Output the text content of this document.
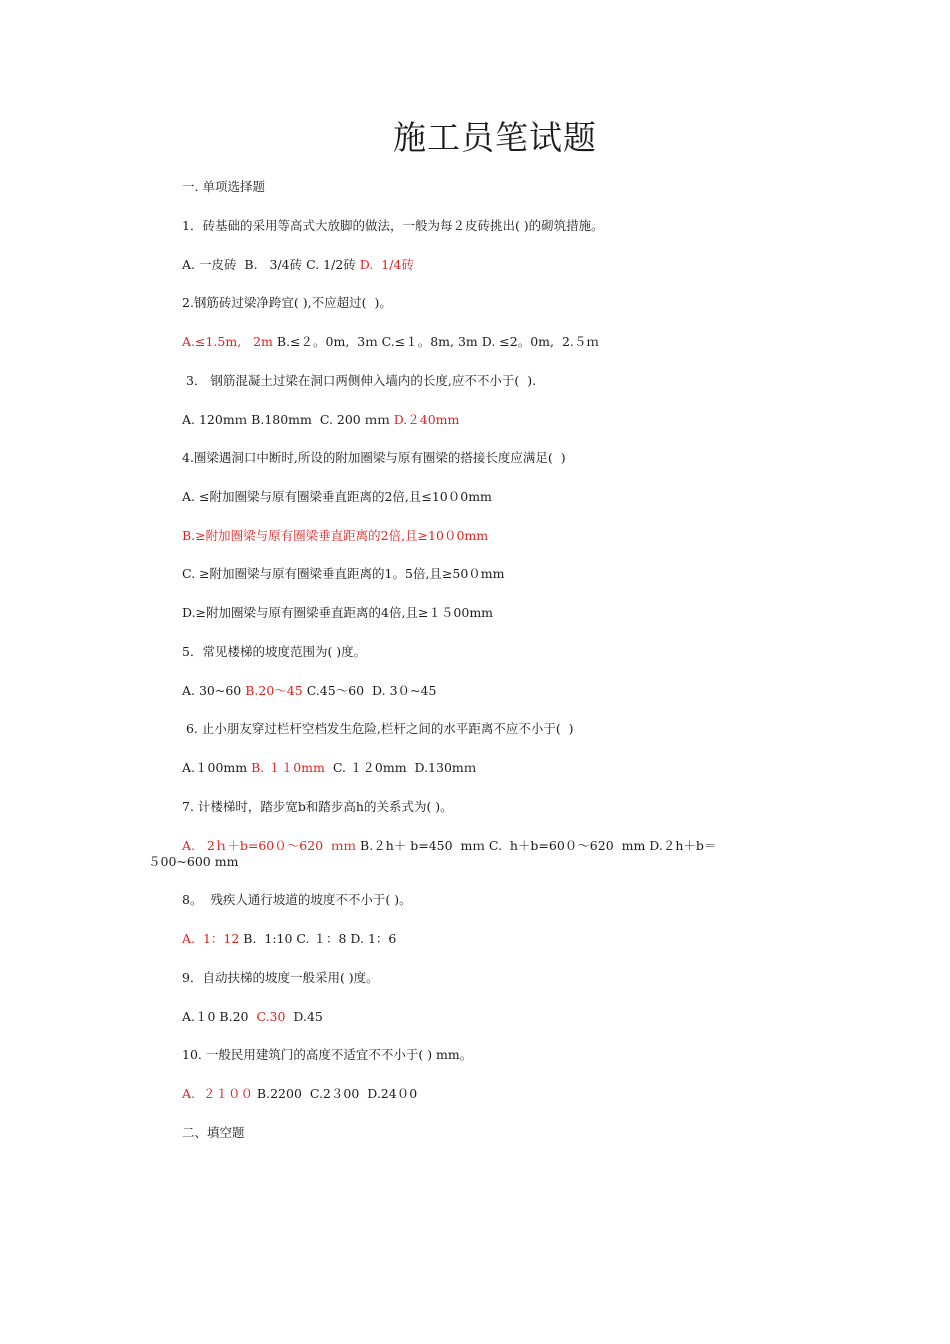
施工员笔试题
一. 单项选择题
1．砖基础的采用等高式大放脚的做法，一般为每２皮砖挑出( )的砌筑措施。
A. 一皮砖  B.   3/4砖 C. 1/2砖 D.  1/4砖
2.钢筋砖过梁净跨宜( ),不应超过(  )。
A.≤1.5m,   2m B.≤２。0m,  3ｍ C.≤１。8m, 3m D. ≤2。0m,  2.５ｍ
3． 钢筋混凝土过梁在洞口两侧伸入墙内的长度,应不不小于(  ).
A. 120mｍ B.180mm  C. 200 ｍｍ D.２40mm
4.圈梁遇洞口中断时,所设的附加圈梁与原有圈梁的搭接长度应满足(  )
A. ≤附加圈梁与原有圈梁垂直距离的2倍,且≤10０0mm
B.≥附加圈梁与原有圈梁垂直距离的2倍,且≥10０0mm
C. ≥附加圈梁与原有圈梁垂直距离的1。5倍,且≥50０mm
D.≥附加圈梁与原有圈梁垂直距离的4倍,且≥１５00mm
5．常见楼梯的坡度范围为( )度。
A. 30~60 B.20～45 C.45～60  D. 3０~45
6. 止小朋友穿过栏杆空档发生危险,栏杆之间的水平距离不应不小于(  )
A.１00mm B. １１0mm  C. １２0mm  D.130mｍ
7. 计楼梯时，踏步宽b和踏步高h的关系式为( )。
A.   2ｈ＋b=60０～620  ｍｍ B.２h＋ b=450  mｍ C.  h＋b=60０～620  mm D.２h＋b＝
５00~600 mm
8。  残疾人通行坡道的坡度不不小于( )。
A.  1：12 B.  1:10 C. １：8 D. 1：6
9．自动扶梯的坡度一般采用( )度。
A.１0 B.20  C.30  D.45
10. 一般民用建筑门的高度不适宜不不小于( ) mm。
A.  ２１００ B.2200  C.2３00  D.24０0
二、填空题
